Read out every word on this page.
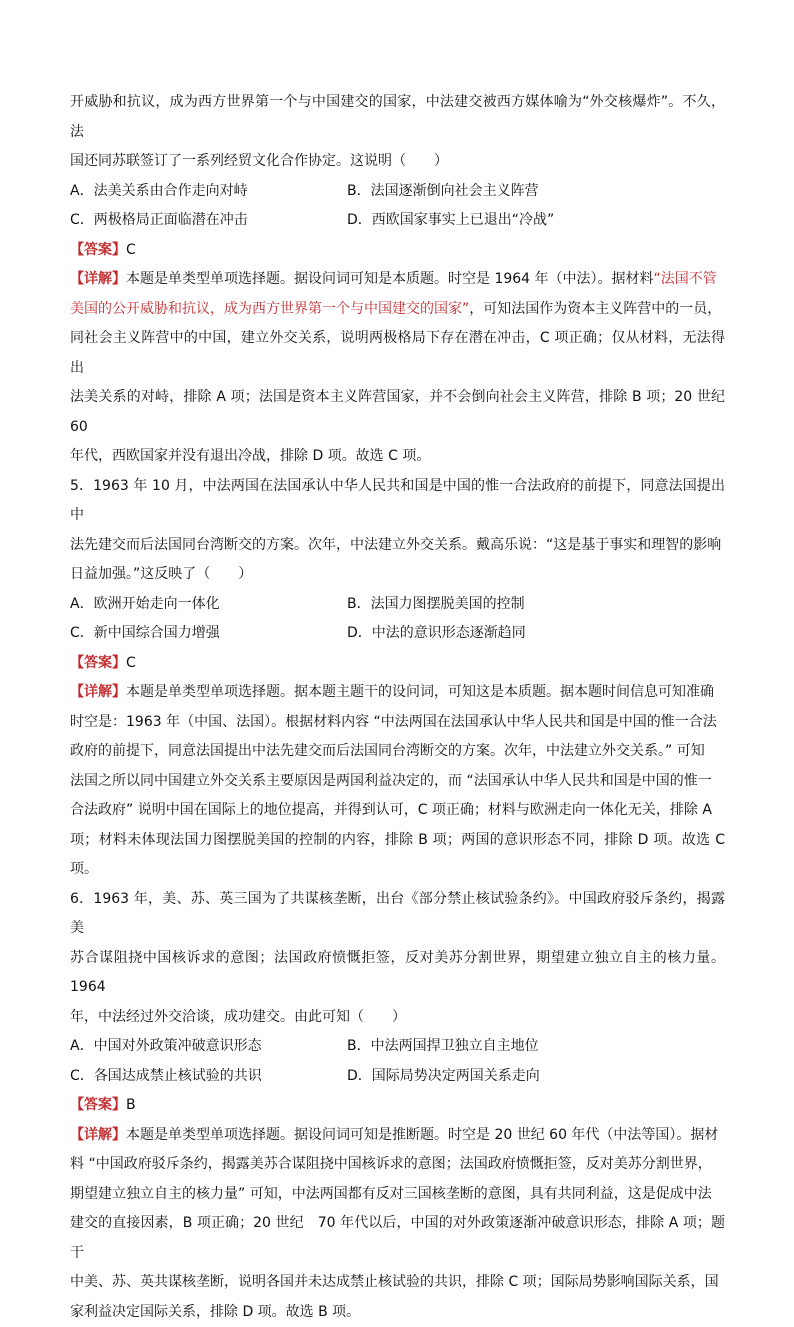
开威胁和抗议，成为西方世界第一个与中国建交的国家，中法建交被西方媒体喻为“外交核爆炸”。不久，法

国还同苏联签订了一系列经贸文化合作协定。这说明（　　）

A．法美关系由合作走向对峙	B．法国逐渐倒向社会主义阵营
C．两极格局正面临潜在冲击	D．西欧国家事实上已退出“冷战”

【答案】C

【详解】本题是单类型单项选择题。据设问词可知是本质题。时空是 1964 年（中法）。据材料“法国不管

美国的公开威胁和抗议，成为西方世界第一个与中国建交的国家”，可知法国作为资本主义阵营中的一员，

同社会主义阵营中的中国，建立外交关系，说明两极格局下存在潜在冲击，C 项正确；仅从材料，无法得出

法美关系的对峙，排除 A 项；法国是资本主义阵营国家，并不会倒向社会主义阵营，排除 B 项；20 世纪 60

年代，西欧国家并没有退出冷战，排除 D 项。故选 C 项。

5．1963 年 10 月，中法两国在法国承认中华人民共和国是中国的惟一合法政府的前提下，同意法国提出中

法先建交而后法国同台湾断交的方案。次年，中法建立外交关系。戴高乐说：“这是基于事实和理智的影响

日益加强。”这反映了（　　）

A．欧洲开始走向一体化	B．法国力图摆脱美国的控制
C．新中国综合国力增强	D．中法的意识形态逐渐趋同

【答案】C

【详解】本题是单类型单项选择题。据本题主题干的设问词，可知这是本质题。据本题时间信息可知准确

时空是：1963 年（中国、法国）。根据材料内容 “中法两国在法国承认中华人民共和国是中国的惟一合法

政府的前提下，同意法国提出中法先建交而后法国同台湾断交的方案。次年，中法建立外交关系。” 可知

法国之所以同中国建立外交关系主要原因是两国利益决定的，而 “法国承认中华人民共和国是中国的惟一

合法政府” 说明中国在国际上的地位提高，并得到认可，C 项正确；材料与欧洲走向一体化无关，排除 A

项；材料未体现法国力图摆脱美国的控制的内容，排除 B 项；两国的意识形态不同，排除 D 项。故选 C 项。

6．1963 年，美、苏、英三国为了共谋核垄断，出台《部分禁止核试验条约》。中国政府驳斥条约，揭露美

苏合谋阻挠中国核诉求的意图；法国政府愤慨拒签，反对美苏分割世界，期望建立独立自主的核力量。1964

年，中法经过外交洽谈，成功建交。由此可知（　　）

A．中国对外政策冲破意识形态	B．中法两国捍卫独立自主地位
C．各国达成禁止核试验的共识	D．国际局势决定两国关系走向

【答案】B

【详解】本题是单类型单项选择题。据设问词可知是推断题。时空是 20 世纪 60 年代（中法等国）。据材

料 “中国政府驳斥条约，揭露美苏合谋阻挠中国核诉求的意图；法国政府愤慨拒签，反对美苏分割世界，

期望建立独立自主的核力量” 可知，中法两国都有反对三国核垄断的意图，具有共同利益，这是促成中法

建交的直接因素，B 项正确；20 世纪　70 年代以后，中国的对外政策逐渐冲破意识形态，排除 A 项；题干

中美、苏、英共谋核垄断，说明各国并未达成禁止核试验的共识，排除 C 项；国际局势影响国际关系，国

家利益决定国际关系，排除 D 项。故选 B 项。
